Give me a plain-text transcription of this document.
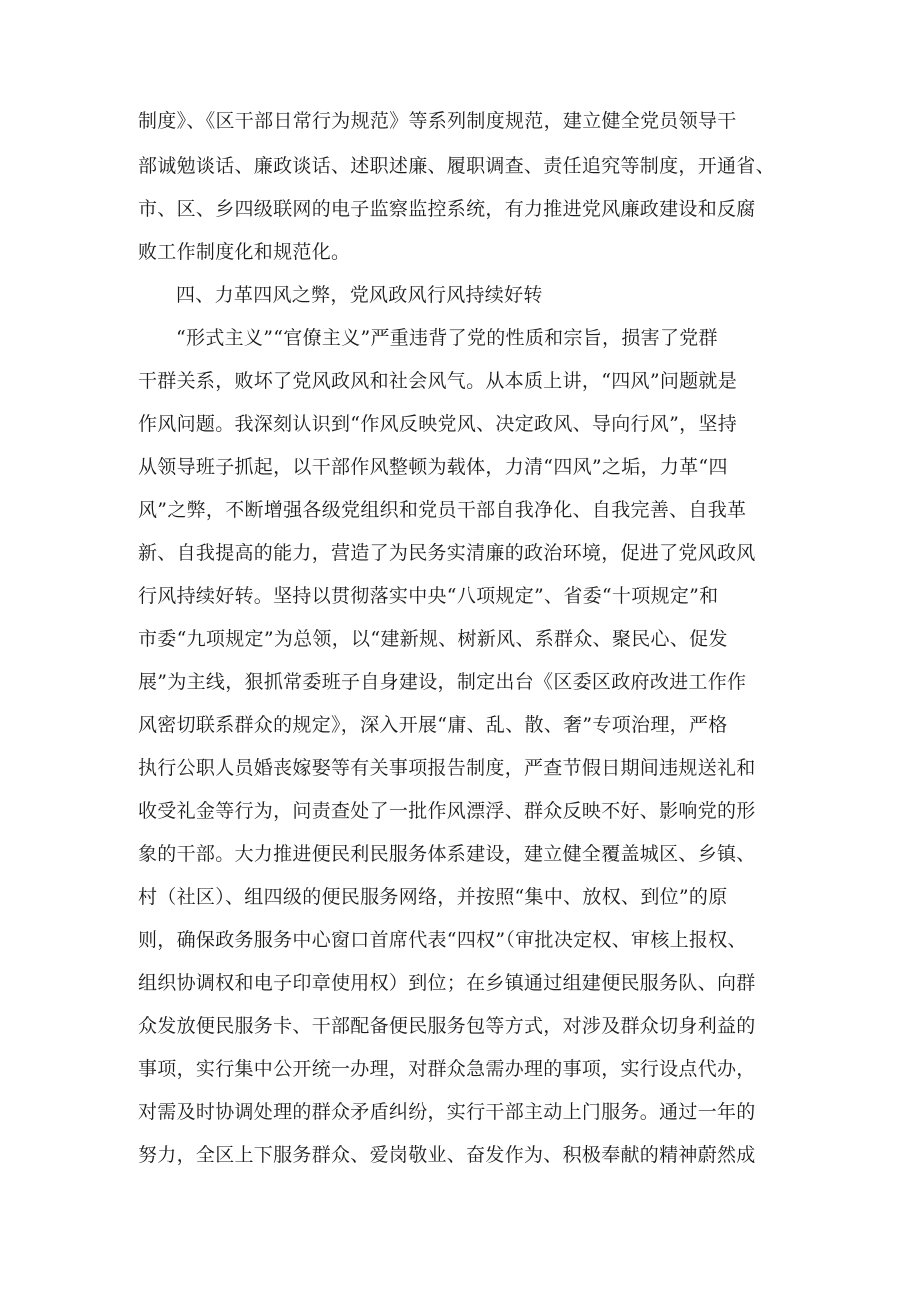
制度》、《区干部日常行为规范》等系列制度规范，建立健全党员领导干
部诚勉谈话、廉政谈话、述职述廉、履职调查、责任追究等制度，开通省、
市、区、乡四级联网的电子监察监控系统，有力推进党风廉政建设和反腐
败工作制度化和规范化。
四、力革四风之弊，党风政风行风持续好转
“形式主义”“官僚主义”严重违背了党的性质和宗旨，损害了党群
干群关系，败坏了党风政风和社会风气。从本质上讲，“四风”问题就是
作风问题。我深刻认识到“作风反映党风、决定政风、导向行风”，坚持
从领导班子抓起，以干部作风整顿为载体，力清“四风”之垢，力革“四
风”之弊，不断增强各级党组织和党员干部自我净化、自我完善、自我革
新、自我提高的能力，营造了为民务实清廉的政治环境，促进了党风政风
行风持续好转。坚持以贯彻落实中央“八项规定”、省委“十项规定”和
市委“九项规定”为总领，以“建新规、树新风、系群众、聚民心、促发
展”为主线，狠抓常委班子自身建设，制定出台《区委区政府改进工作作
风密切联系群众的规定》，深入开展“庸、乱、散、奢”专项治理，严格
执行公职人员婚丧嫁娶等有关事项报告制度，严查节假日期间违规送礼和
收受礼金等行为，问责查处了一批作风漂浮、群众反映不好、影响党的形
象的干部。大力推进便民利民服务体系建设，建立健全覆盖城区、乡镇、
村（社区）、组四级的便民服务网络，并按照“集中、放权、到位”的原
则，确保政务服务中心窗口首席代表“四权”（审批决定权、审核上报权、
组织协调权和电子印章使用权）到位；在乡镇通过组建便民服务队、向群
众发放便民服务卡、干部配备便民服务包等方式，对涉及群众切身利益的
事项，实行集中公开统一办理，对群众急需办理的事项，实行设点代办，
对需及时协调处理的群众矛盾纠纷，实行干部主动上门服务。通过一年的
努力，全区上下服务群众、爱岗敬业、奋发作为、积极奉献的精神蔚然成
